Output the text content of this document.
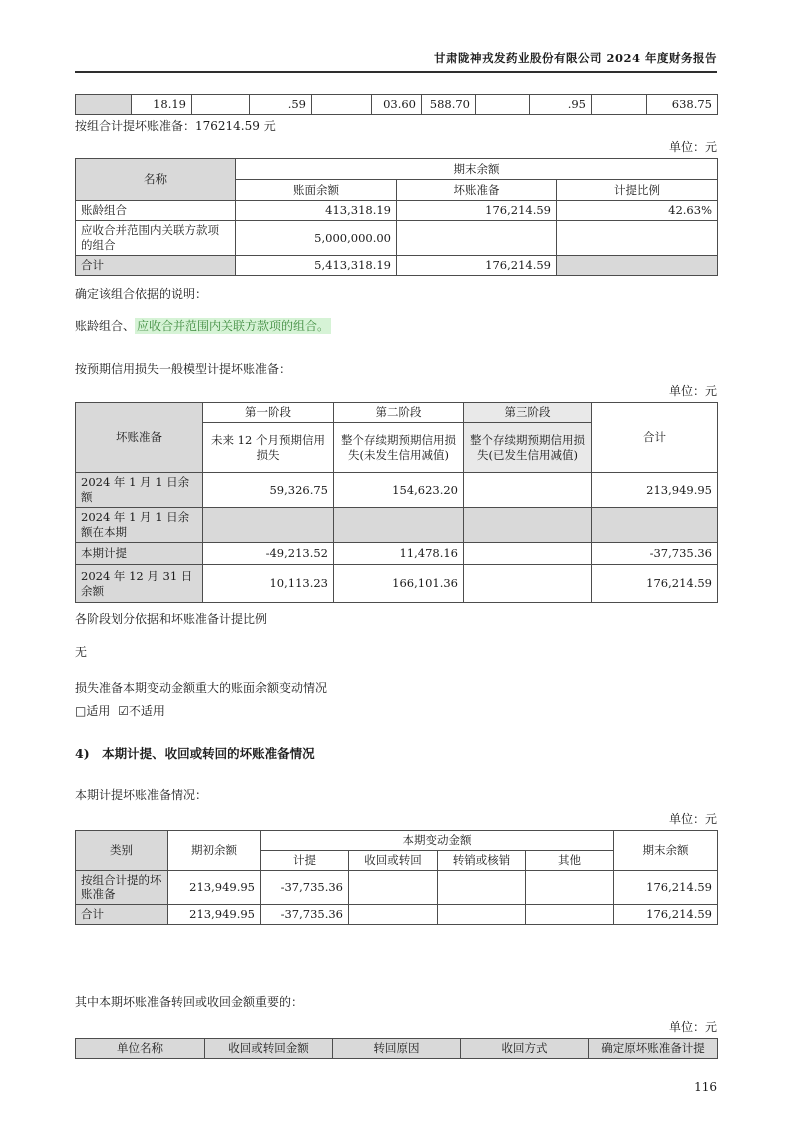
甘肃陇神戎发药业股份有限公司 2024 年度财务报告
	18.19		.59		03.60	588.70		.95		638.75
按组合计提坏账准备：176214.59 元
单位：元
名称	期末余额		
	账面余额	坏账准备	计提比例
账龄组合	413,318.19	176,214.59	42.63%
应收合并范围内关联方款项的组合	5,000,000.00		
合计	5,413,318.19	176,214.59	
确定该组合依据的说明：
账龄组合、 应收合并范围内关联方款项的组合。
按预期信用损失一般模型计提坏账准备：
单位：元
坏账准备	第一阶段	第二阶段	第三阶段	合计
	未来 12 个月预期信用损失	整个存续期预期信用损失(未发生信用减值)	整个存续期预期信用损失(已发生信用减值)	
2024 年 1 月 1 日余额	59,326.75	154,623.20		213,949.95
2024 年 1 月 1 日余额在本期				
本期计提	-49,213.52	11,478.16		-37,735.36
2024 年 12 月 31 日余额	10,113.23	166,101.36		176,214.59
各阶段划分依据和坏账准备计提比例
无
损失准备本期变动金额重大的账面余额变动情况
□适用 ☑不适用
4)　本期计提、收回或转回的坏账准备情况
本期计提坏账准备情况：
单位：元
类别	期初余额	本期变动金额				期末余额
		计提	收回或转回	转销或核销	其他	
按组合计提的坏账准备	213,949.95	-37,735.36				176,214.59
合计	213,949.95	-37,735.36				176,214.59
其中本期坏账准备转回或收回金额重要的：
单位：元
单位名称	收回或转回金额	转回原因	收回方式	确定原坏账准备计提
116
